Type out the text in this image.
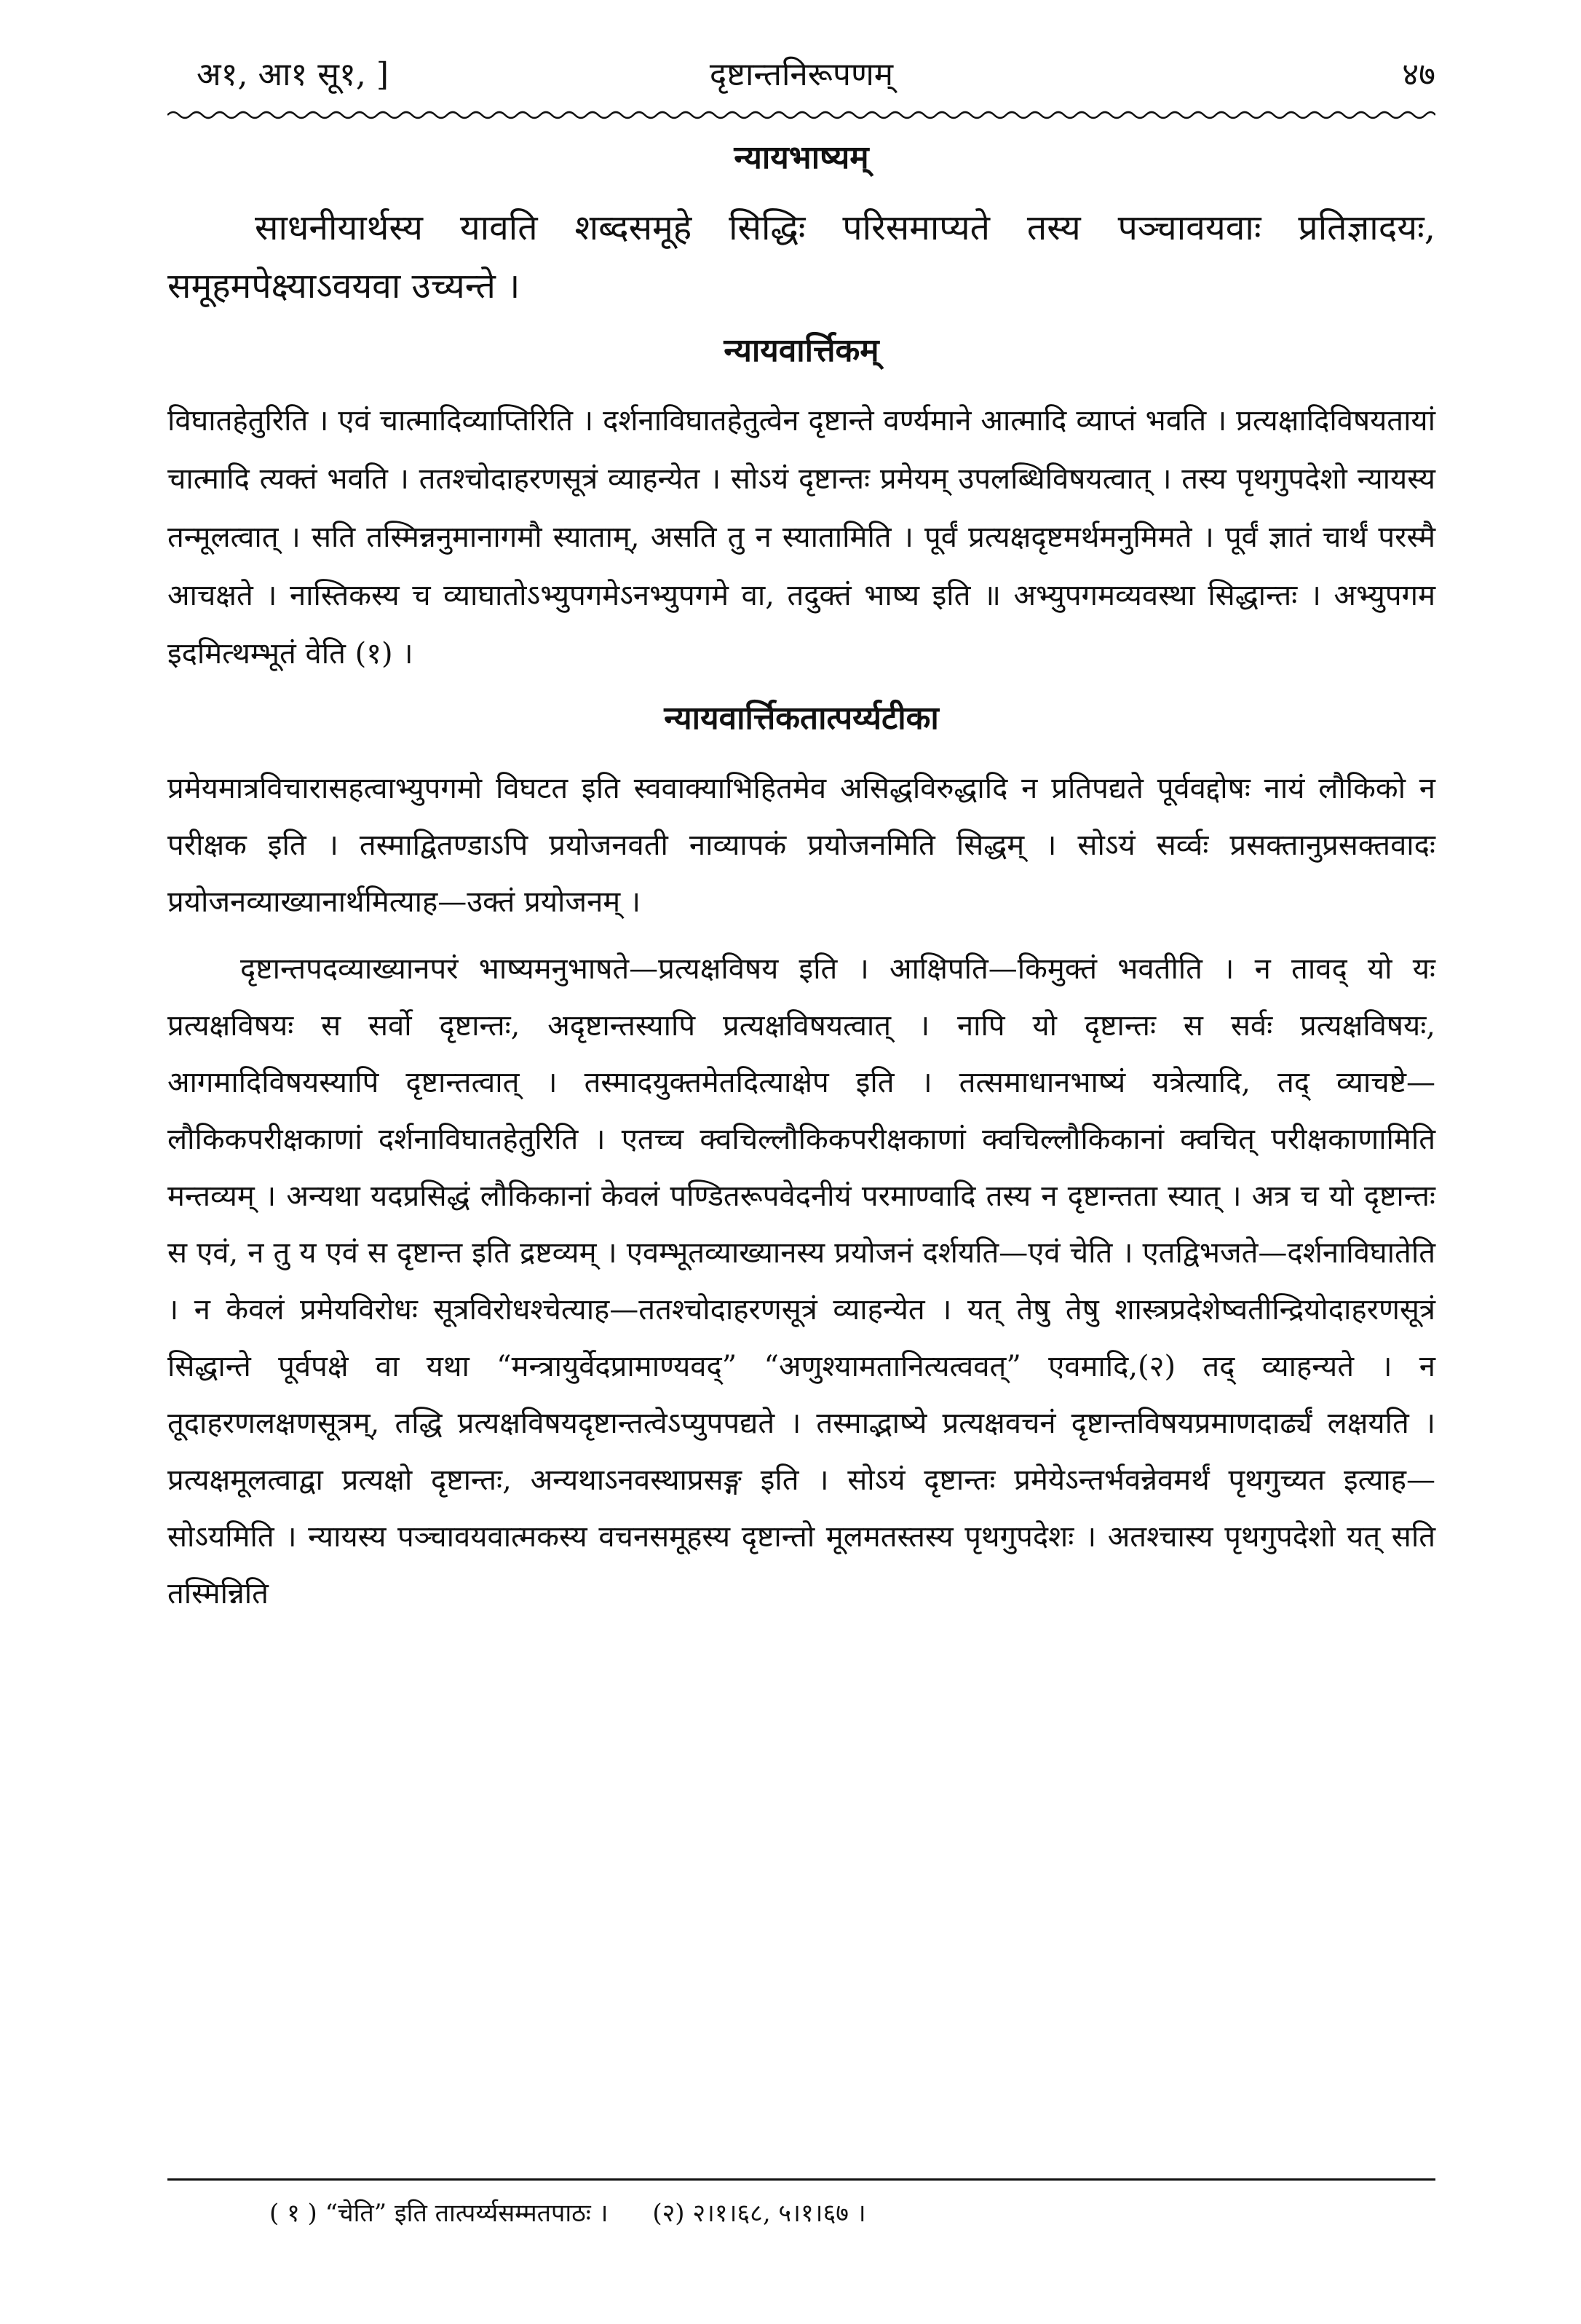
अ१, आ१ सू१, ]	दृष्टान्तनिरूपणम्	४७
न्यायभाष्यम्

साधनीयार्थस्य यावति शब्दसमूहे सिद्धिः परिसमाप्यते तस्य पञ्चावयवाः प्रतिज्ञादयः, समूहमपेक्ष्याऽवयवा उच्यन्ते ।

न्यायवार्त्तिकम्

विघातहेतुरिति । एवं चात्मादिव्याप्तिरिति । दर्शनाविघातहेतुत्वेन दृष्टान्ते वर्ण्यमाने आत्मादि व्याप्तं भवति । प्रत्यक्षादिविषयतायां चात्मादि त्यक्तं भवति । ततश्चोदाहरणसूत्रं व्याहन्येत । सोऽयं दृष्टान्तः प्रमेयम् उपलब्धिविषयत्वात् । तस्य पृथगुपदेशो न्यायस्य तन्मूलत्वात् । सति तस्मिन्ननुमानागमौ स्याताम्, असति तु न स्यातामिति । पूर्वं प्रत्यक्षदृष्टमर्थमनुमिमते । पूर्वं ज्ञातं चार्थं परस्मै आचक्षते । नास्तिकस्य च व्याघातोऽभ्युपगमेऽनभ्युपगमे वा, तदुक्तं भाष्य इति ॥ अभ्युपगमव्यवस्था सिद्धान्तः । अभ्युपगम इदमित्थम्भूतं वेति (१) ।

न्यायवार्त्तिकतात्पर्य्यटीका

प्रमेयमात्रविचारासहत्वाभ्युपगमो विघटत इति स्ववाक्याभिहितमेव असिद्धविरुद्धादि न प्रतिपद्यते पूर्ववद्दोषः नायं लौकिको न परीक्षक इति । तस्माद्वितण्डाऽपि प्रयोजनवती नाव्यापकं प्रयोजनमिति सिद्धम् । सोऽयं सर्व्वः प्रसक्तानुप्रसक्तवादः प्रयोजनव्याख्यानार्थमित्याह—उक्तं प्रयोजनम् ।

दृष्टान्तपदव्याख्यानपरं भाष्यमनुभाषते—प्रत्यक्षविषय इति । आक्षिपति—किमुक्तं भवतीति । न तावद् यो यः प्रत्यक्षविषयः स सर्वो दृष्टान्तः, अदृष्टान्तस्यापि प्रत्यक्षविषयत्वात् । नापि यो दृष्टान्तः स सर्वः प्रत्यक्षविषयः, आगमादिविषयस्यापि दृष्टान्तत्वात् । तस्मादयुक्तमेतदित्याक्षेप इति । तत्समाधानभाष्यं यत्रेत्यादि, तद् व्याचष्टे—लौकिकपरीक्षकाणां दर्शनाविघातहेतुरिति । एतच्च क्वचिल्लौकिकपरीक्षकाणां क्वचिल्लौकिकानां क्वचित् परीक्षकाणामिति मन्तव्यम् । अन्यथा यदप्रसिद्धं लौकिकानां केवलं पण्डितरूपवेदनीयं परमाण्वादि तस्य न दृष्टान्तता स्यात् । अत्र च यो दृष्टान्तः स एवं, न तु य एवं स दृष्टान्त इति द्रष्टव्यम् । एवम्भूतव्याख्यानस्य प्रयोजनं दर्शयति—एवं चेति । एतद्विभजते—दर्शनाविघातेति । न केवलं प्रमेयविरोधः सूत्रविरोधश्चेत्याह—ततश्चोदाहरणसूत्रं व्याहन्येत । यत् तेषु तेषु शास्त्रप्रदेशेष्वतीन्द्रियोदाहरणसूत्रं सिद्धान्ते पूर्वपक्षे वा यथा “मन्त्रायुर्वेदप्रामाण्यवद्” “अणुश्यामतानित्यत्ववत्” एवमादि,(२) तद् व्याहन्यते । न तूदाहरणलक्षणसूत्रम्, तद्धि प्रत्यक्षविषयदृष्टान्तत्वेऽप्युपपद्यते । तस्माद्भाष्ये प्रत्यक्षवचनं दृष्टान्तविषयप्रमाणदार्ढ्यं लक्षयति । प्रत्यक्षमूलत्वाद्वा प्रत्यक्षो दृष्टान्तः, अन्यथाऽनवस्थाप्रसङ्ग इति । सोऽयं दृष्टान्तः प्रमेयेऽन्तर्भवन्नेवमर्थं पृथगुच्यत इत्याह—सोऽयमिति । न्यायस्य पञ्चावयवात्मकस्य वचनसमूहस्य दृष्टान्तो मूलमतस्तस्य पृथगुपदेशः । अतश्चास्य पृथगुपदेशो यत् सति तस्मिन्निति

( १ ) “चेति” इति तात्पर्य्यसम्मतपाठः । (२) २।१।६८, ५।१।६७ ।
